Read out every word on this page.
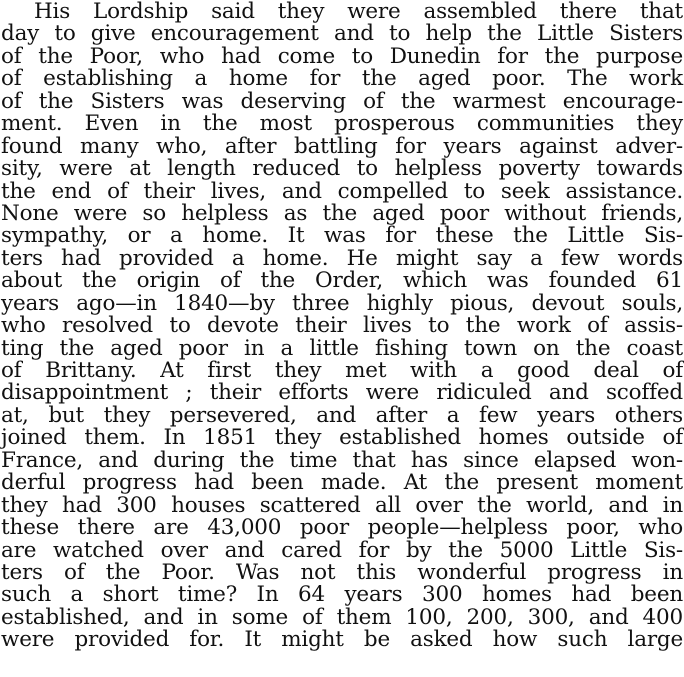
His Lordship said they were assembled there that
day to give encouragement and to help the Little Sisters
of the Poor, who had come to Dunedin for the purpose
of establishing a home for the aged poor. The work
of the Sisters was deserving of the warmest encourage-
ment. Even in the most prosperous communities they
found many who, after battling for years against adver-
sity, were at length reduced to helpless poverty towards
the end of their lives, and compelled to seek assistance.
None were so helpless as the aged poor without friends,
sympathy, or a home. It was for these the Little Sis-
ters had provided a home. He might say a few words
about the origin of the Order, which was founded 61
years ago—in 1840—by three highly pious, devout souls,
who resolved to devote their lives to the work of assis-
ting the aged poor in a little fishing town on the coast
of Brittany. At first they met with a good deal of
disappointment ; their efforts were ridiculed and scoffed
at, but they persevered, and after a few years others
joined them. In 1851 they established homes outside of
France, and during the time that has since elapsed won-
derful progress had been made. At the present moment
they had 300 houses scattered all over the world, and in
these there are 43,000 poor people—helpless poor, who
are watched over and cared for by the 5000 Little Sis-
ters of the Poor. Was not this wonderful progress in
such a short time? In 64 years 300 homes had been
established, and in some of them 100, 200, 300, and 400
were provided for. It might be asked how such large
